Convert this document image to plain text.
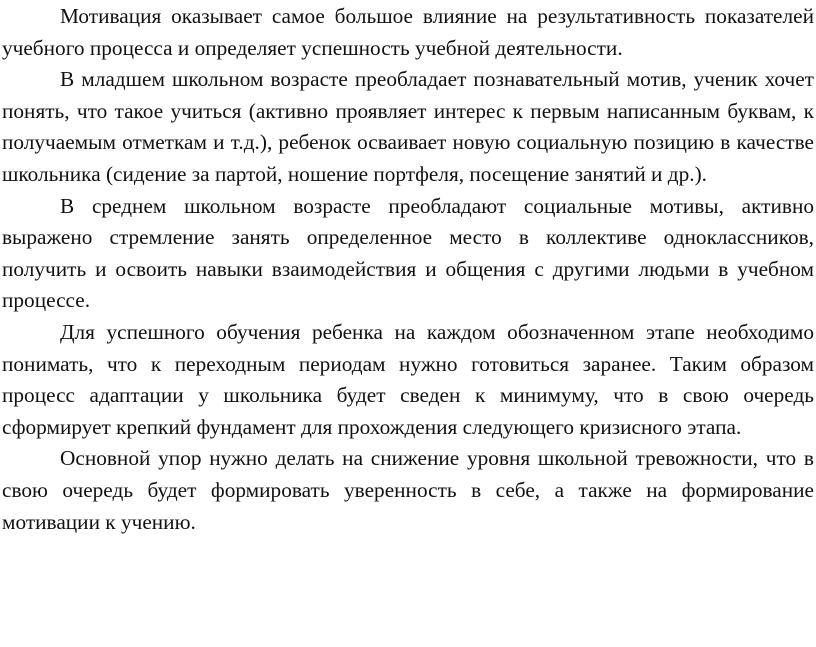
Мотивация оказывает самое большое влияние на результативность показателей учебного процесса и определяет успешность учебной деятельности.

В младшем школьном возрасте преобладает познавательный мотив, ученик хочет понять, что такое учиться (активно проявляет интерес к первым написанным буквам, к получаемым отметкам и т.д.), ребенок осваивает новую социальную позицию в качестве школьника (сидение за партой, ношение портфеля, посещение занятий и др.).

В среднем школьном возрасте преобладают социальные мотивы, активно выражено стремление занять определенное место в коллективе одноклассников, получить и освоить навыки взаимодействия и общения с другими людьми в учебном процессе.

Для успешного обучения ребенка на каждом обозначенном этапе необходимо понимать, что к переходным периодам нужно готовиться заранее. Таким образом процесс адаптации у школьника будет сведен к минимуму, что в свою очередь сформирует крепкий фундамент для прохождения следующего кризисного этапа.

Основной упор нужно делать на снижение уровня школьной тревожности, что в свою очередь будет формировать уверенность в себе, а также на формирование мотивации к учению.
